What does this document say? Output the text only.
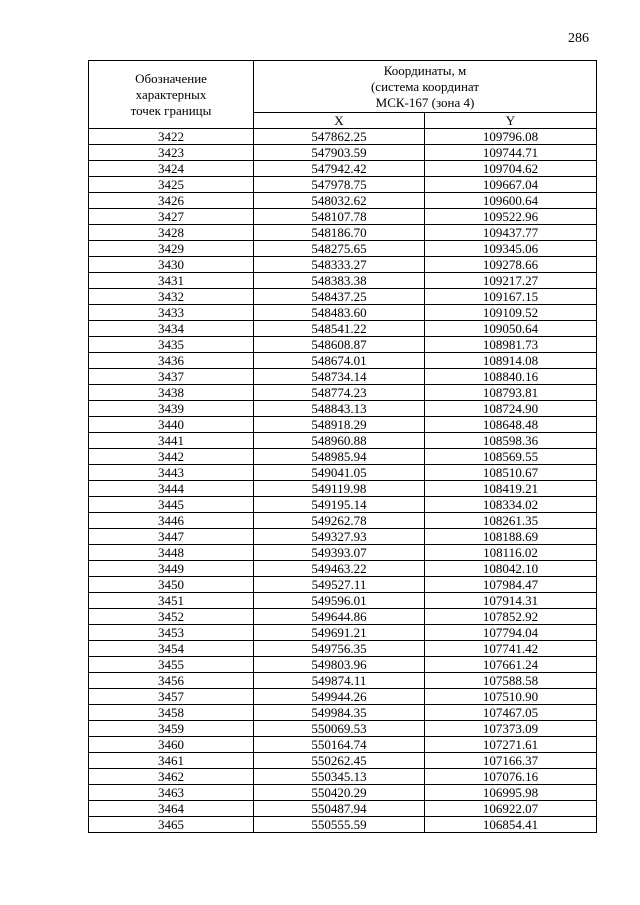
286
Обозначение
характерных
точек границы	Координаты, м
(система координат
МСК-167 (зона 4)	

	X	Y
3422	547862.25	109796.08
3423	547903.59	109744.71
3424	547942.42	109704.62
3425	547978.75	109667.04
3426	548032.62	109600.64
3427	548107.78	109522.96
3428	548186.70	109437.77
3429	548275.65	109345.06
3430	548333.27	109278.66
3431	548383.38	109217.27
3432	548437.25	109167.15
3433	548483.60	109109.52
3434	548541.22	109050.64
3435	548608.87	108981.73
3436	548674.01	108914.08
3437	548734.14	108840.16
3438	548774.23	108793.81
3439	548843.13	108724.90
3440	548918.29	108648.48
3441	548960.88	108598.36
3442	548985.94	108569.55
3443	549041.05	108510.67
3444	549119.98	108419.21
3445	549195.14	108334.02
3446	549262.78	108261.35
3447	549327.93	108188.69
3448	549393.07	108116.02
3449	549463.22	108042.10
3450	549527.11	107984.47
3451	549596.01	107914.31
3452	549644.86	107852.92
3453	549691.21	107794.04
3454	549756.35	107741.42
3455	549803.96	107661.24
3456	549874.11	107588.58
3457	549944.26	107510.90
3458	549984.35	107467.05
3459	550069.53	107373.09
3460	550164.74	107271.61
3461	550262.45	107166.37
3462	550345.13	107076.16
3463	550420.29	106995.98
3464	550487.94	106922.07
3465	550555.59	106854.41
